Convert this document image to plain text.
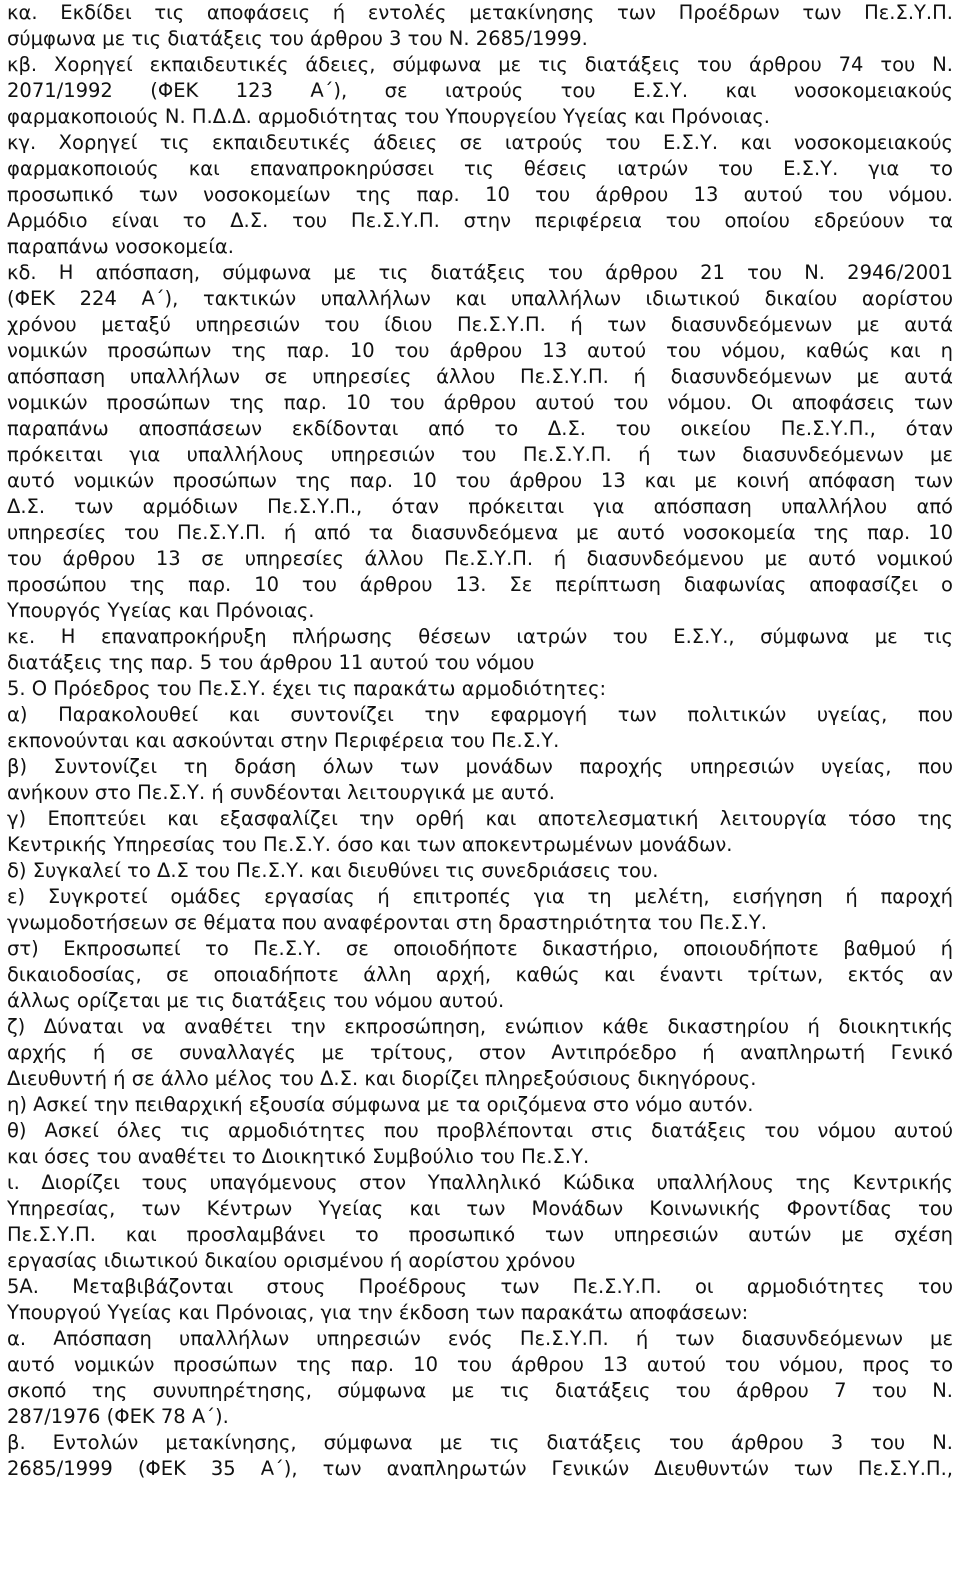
κα. Εκδίδει τις αποφάσεις ή εντολές μετακίνησης των Προέδρων των Πε.Σ.Υ.Π.
σύμφωνα με τις διατάξεις του άρθρου 3 του Ν. 2685/1999.
κβ. Χορηγεί εκπαιδευτικές άδειες, σύμφωνα με τις διατάξεις του άρθρου 74 του Ν.
2071/1992 (ΦΕΚ 123 Α΄), σε ιατρούς του Ε.Σ.Υ. και νοσοκομειακούς
φαρμακοποιούς Ν. Π.Δ.Δ. αρμοδιότητας του Υπουργείου Υγείας και Πρόνοιας.
κγ. Χορηγεί τις εκπαιδευτικές άδειες σε ιατρούς του Ε.Σ.Υ. και νοσοκομειακούς
φαρμακοποιούς και επαναπροκηρύσσει τις θέσεις ιατρών του Ε.Σ.Υ. για το
προσωπικό των νοσοκομείων της παρ. 10 του άρθρου 13 αυτού του νόμου.
Αρμόδιο είναι το Δ.Σ. του Πε.Σ.Υ.Π. στην περιφέρεια του οποίου εδρεύουν τα
παραπάνω νοσοκομεία.
κδ. Η απόσπαση, σύμφωνα με τις διατάξεις του άρθρου 21 του Ν. 2946/2001
(ΦΕΚ 224 Α΄), τακτικών υπαλλήλων και υπαλλήλων ιδιωτικού δικαίου αορίστου
χρόνου μεταξύ υπηρεσιών του ίδιου Πε.Σ.Υ.Π. ή των διασυνδεόμενων με αυτά
νομικών προσώπων της παρ. 10 του άρθρου 13 αυτού του νόμου, καθώς και η
απόσπαση υπαλλήλων σε υπηρεσίες άλλου Πε.Σ.Υ.Π. ή διασυνδεόμενων με αυτά
νομικών προσώπων της παρ. 10 του άρθρου αυτού του νόμου. Οι αποφάσεις των
παραπάνω αποσπάσεων εκδίδονται από το Δ.Σ. του οικείου Πε.Σ.Υ.Π., όταν
πρόκειται για υπαλλήλους υπηρεσιών του Πε.Σ.Υ.Π. ή των διασυνδεόμενων με
αυτό νομικών προσώπων της παρ. 10 του άρθρου 13 και με κοινή απόφαση των
Δ.Σ. των αρμόδιων Πε.Σ.Υ.Π., όταν πρόκειται για απόσπαση υπαλλήλου από
υπηρεσίες του Πε.Σ.Υ.Π. ή από τα διασυνδεόμενα με αυτό νοσοκομεία της παρ. 10
του άρθρου 13 σε υπηρεσίες άλλου Πε.Σ.Υ.Π. ή διασυνδεόμενου με αυτό νομικού
προσώπου της παρ. 10 του άρθρου 13. Σε περίπτωση διαφωνίας αποφασίζει ο
Υπουργός Υγείας και Πρόνοιας.
κε. Η επαναπροκήρυξη πλήρωσης θέσεων ιατρών του Ε.Σ.Υ., σύμφωνα με τις
διατάξεις της παρ. 5 του άρθρου 11 αυτού του νόμου
5. Ο Πρόεδρος του Πε.Σ.Υ. έχει τις παρακάτω αρμοδιότητες:
α) Παρακολουθεί και συντονίζει την εφαρμογή των πολιτικών υγείας, που
εκπονούνται και ασκούνται στην Περιφέρεια του Πε.Σ.Υ.
β) Συντονίζει τη δράση όλων των μονάδων παροχής υπηρεσιών υγείας, που
ανήκουν στο Πε.Σ.Υ. ή συνδέονται λειτουργικά με αυτό.
γ) Εποπτεύει και εξασφαλίζει την ορθή και αποτελεσματική λειτουργία τόσο της
Κεντρικής Υπηρεσίας του Πε.Σ.Υ. όσο και των αποκεντρωμένων μονάδων.
δ) Συγκαλεί το Δ.Σ του Πε.Σ.Υ. και διευθύνει τις συνεδριάσεις του.
ε) Συγκροτεί ομάδες εργασίας ή επιτροπές για τη μελέτη, εισήγηση ή παροχή
γνωμοδοτήσεων σε θέματα που αναφέρονται στη δραστηριότητα του Πε.Σ.Υ.
στ) Εκπροσωπεί το Πε.Σ.Υ. σε οποιοδήποτε δικαστήριο, οποιουδήποτε βαθμού ή
δικαιοδοσίας, σε οποιαδήποτε άλλη αρχή, καθώς και έναντι τρίτων, εκτός αν
άλλως ορίζεται με τις διατάξεις του νόμου αυτού.
ζ) Δύναται να αναθέτει την εκπροσώπηση, ενώπιον κάθε δικαστηρίου ή διοικητικής
αρχής ή σε συναλλαγές με τρίτους, στον Αντιπρόεδρο ή αναπληρωτή Γενικό
Διευθυντή ή σε άλλο μέλος του Δ.Σ. και διορίζει πληρεξούσιους δικηγόρους.
η) Ασκεί την πειθαρχική εξουσία σύμφωνα με τα οριζόμενα στο νόμο αυτόν.
θ) Ασκεί όλες τις αρμοδιότητες που προβλέπονται στις διατάξεις του νόμου αυτού
και όσες του αναθέτει το Διοικητικό Συμβούλιο του Πε.Σ.Υ.
ι. Διορίζει τους υπαγόμενους στον Υπαλληλικό Κώδικα υπαλλήλους της Κεντρικής
Υπηρεσίας, των Κέντρων Υγείας και των Μονάδων Κοινωνικής Φροντίδας του
Πε.Σ.Υ.Π. και προσλαμβάνει το προσωπικό των υπηρεσιών αυτών με σχέση
εργασίας ιδιωτικού δικαίου ορισμένου ή αορίστου χρόνου
5Α. Μεταβιβάζονται στους Προέδρους των Πε.Σ.Υ.Π. οι αρμοδιότητες του
Υπουργού Υγείας και Πρόνοιας, για την έκδοση των παρακάτω αποφάσεων:
α. Απόσπαση υπαλλήλων υπηρεσιών ενός Πε.Σ.Υ.Π. ή των διασυνδεόμενων με
αυτό νομικών προσώπων της παρ. 10 του άρθρου 13 αυτού του νόμου, προς το
σκοπό της συνυπηρέτησης, σύμφωνα με τις διατάξεις του άρθρου 7 του Ν.
287/1976 (ΦΕΚ 78 Α΄).
β. Εντολών μετακίνησης, σύμφωνα με τις διατάξεις του άρθρου 3 του Ν.
2685/1999 (ΦΕΚ 35 Α΄), των αναπληρωτών Γενικών Διευθυντών των Πε.Σ.Υ.Π.,
